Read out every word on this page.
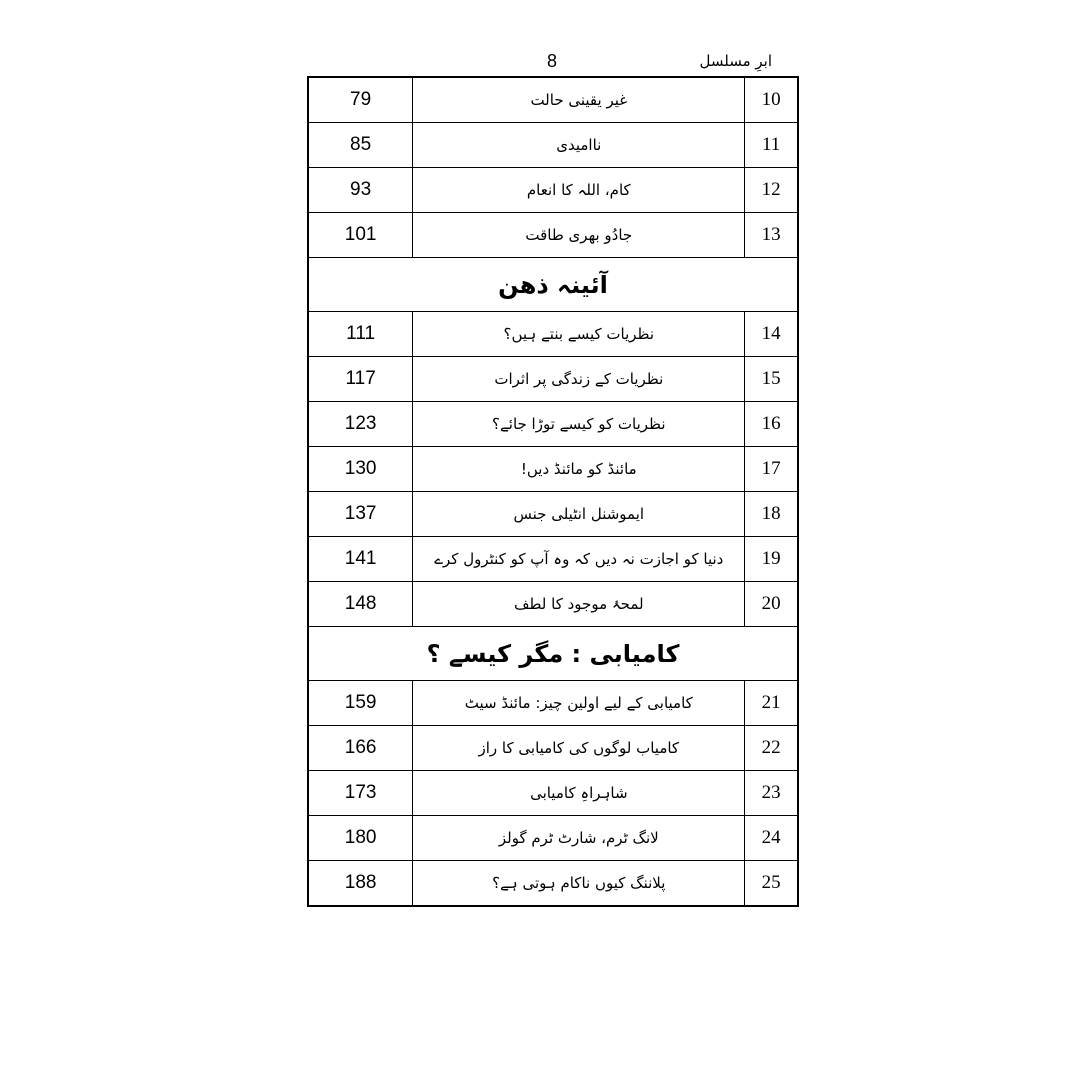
8	ابرِ مسلسل
79	غیر یقینی حالت	10
85	ناامیدی	11
93	کام، اللہ کا انعام	12
101	جادُو بھری طاقت	13
آئینہ ذھن		
111	نظریات کیسے بنتے ہیں؟	14
117	نظریات کے زندگی پر اثرات	15
123	نظریات کو کیسے توڑا جائے؟	16
130	مائنڈ کو مائنڈ دیں!	17
137	ایموشنل انٹیلی جنس	18
141	دنیا کو اجازت نہ دیں کہ وہ آپ کو کنٹرول کرے	19
148	لمحۂ موجود کا لطف	20
کامیابی : مگر کیسے ؟		
159	کامیابی کے لیے اولین چیز: مائنڈ سیٹ	21
166	کامیاب لوگوں کی کامیابی کا راز	22
173	شاہراہِ کامیابی	23
180	لانگ ٹرم، شارٹ ٹرم گولز	24
188	پلاننگ کیوں ناکام ہوتی ہے؟	25
